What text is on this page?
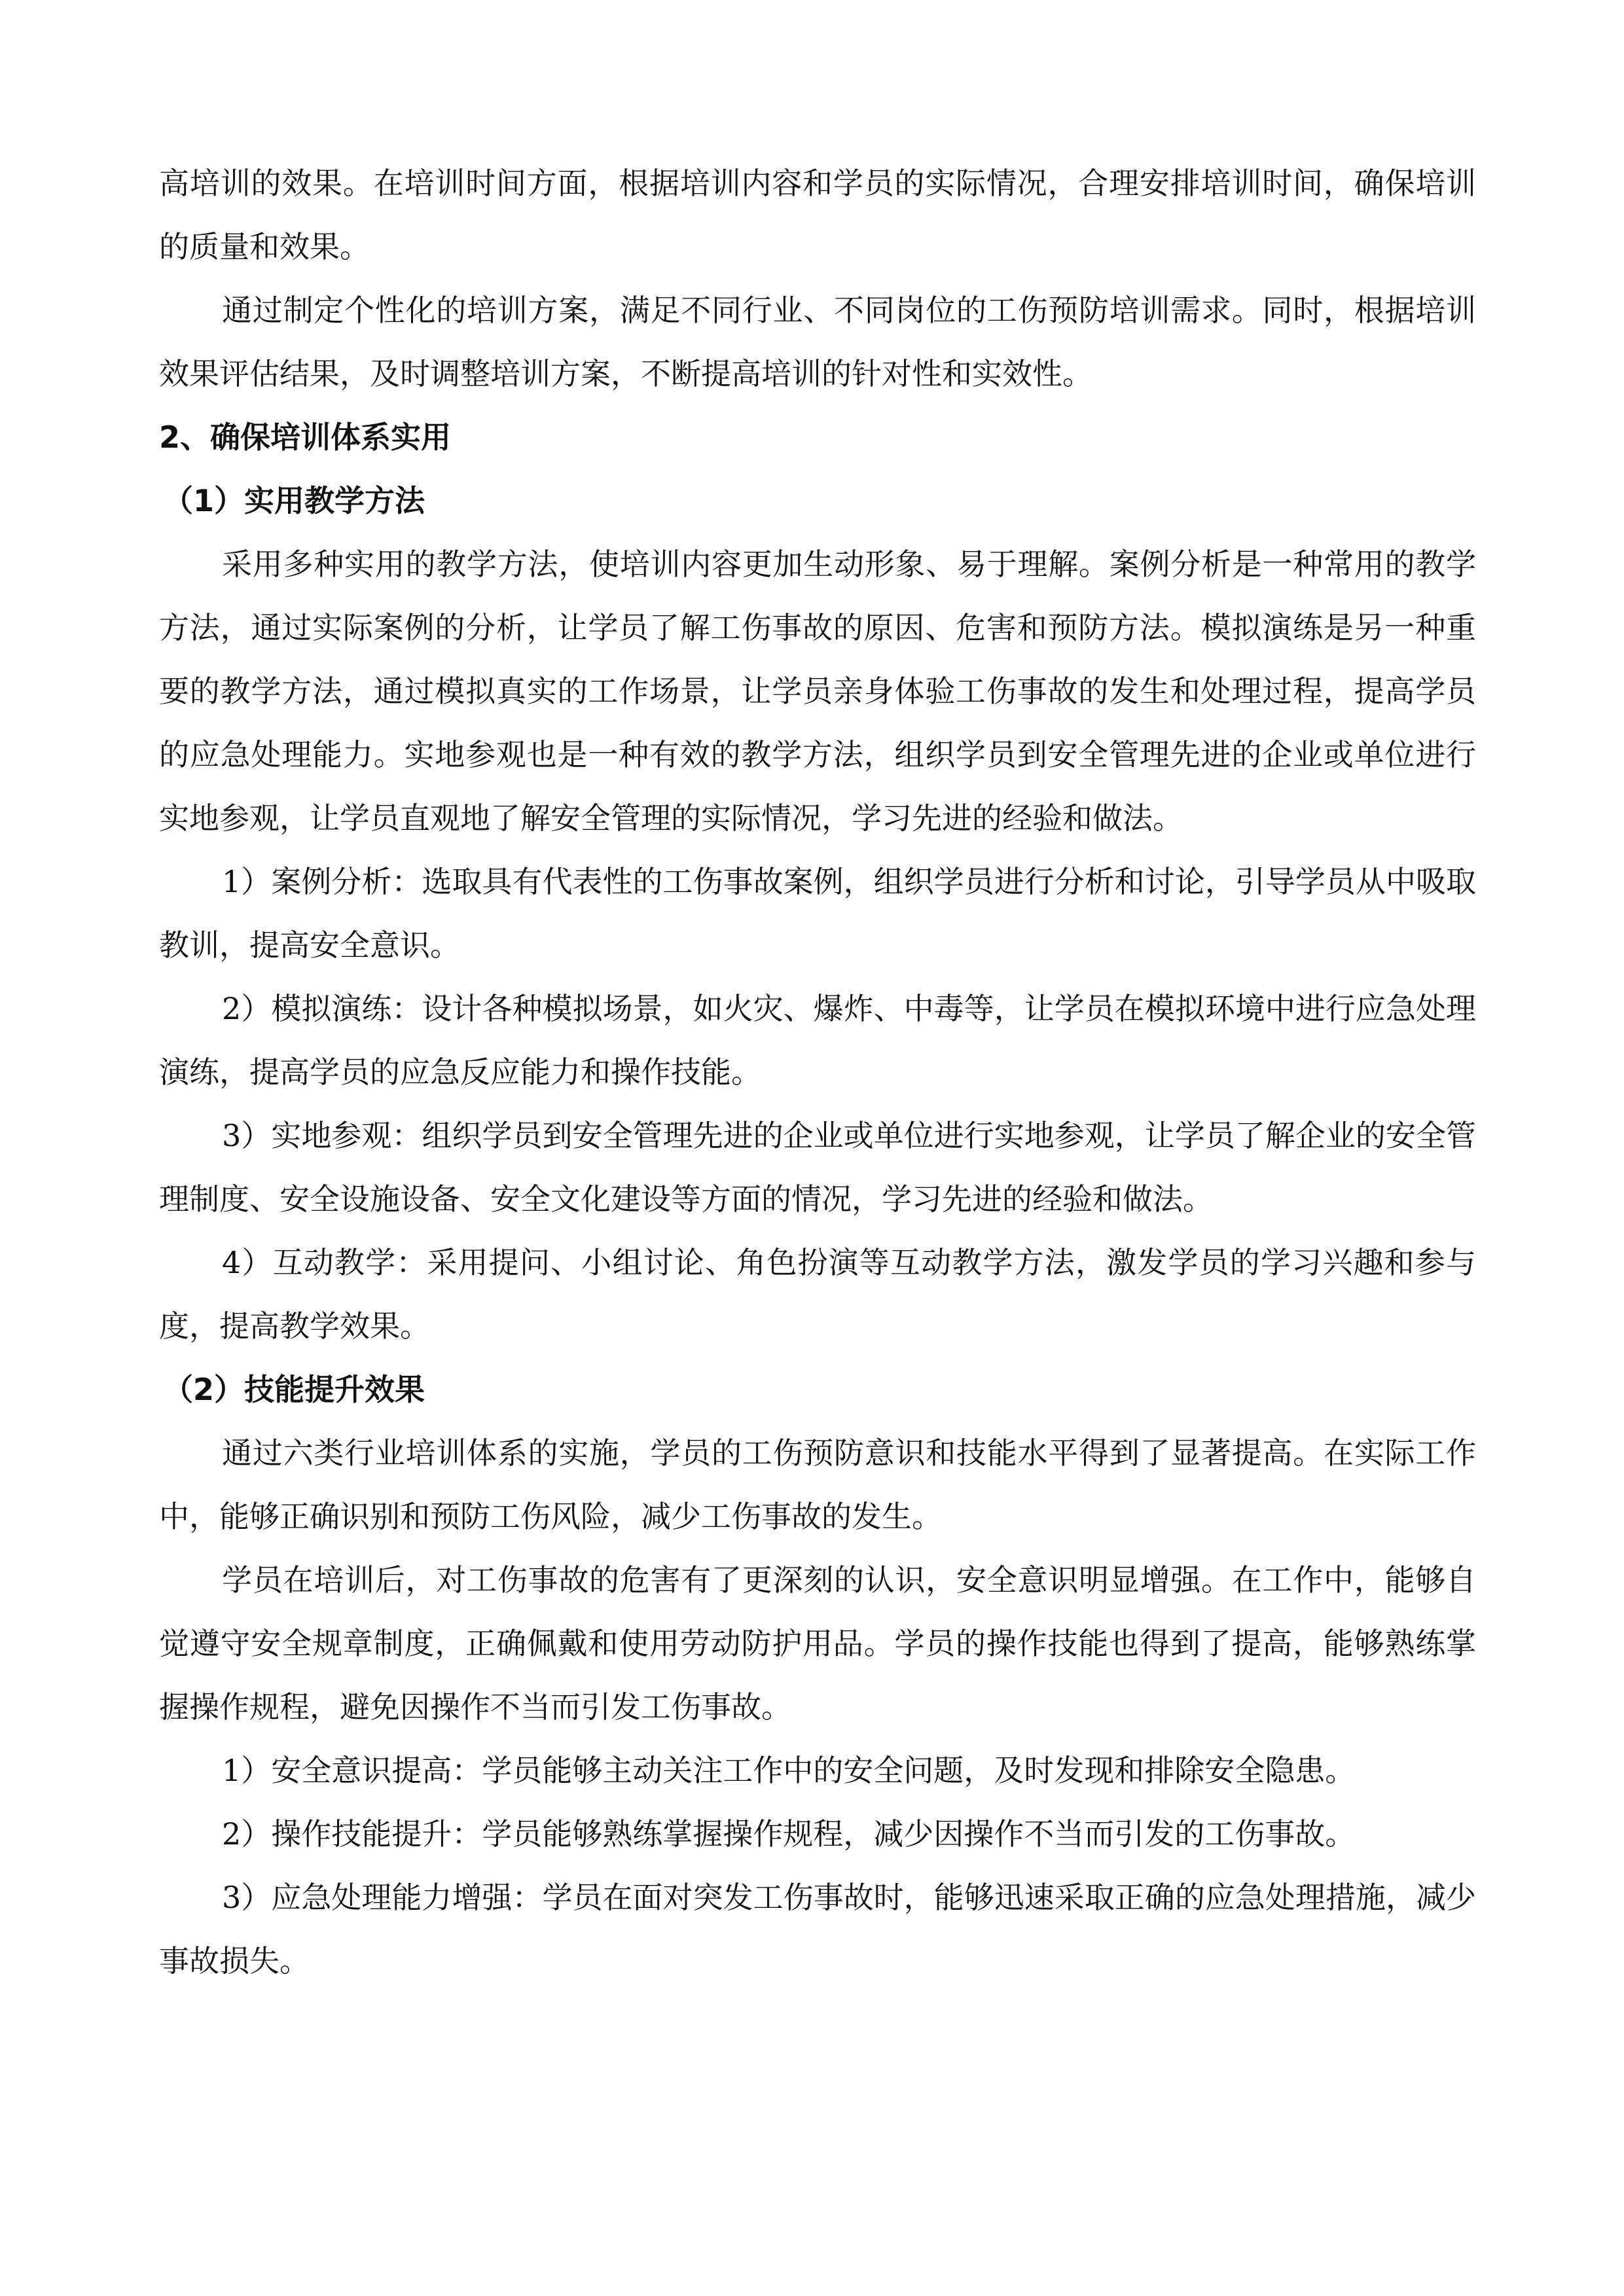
高培训的效果。在培训时间方面，根据培训内容和学员的实际情况，合理安排培训时间，确保培训的质量和效果。

通过制定个性化的培训方案，满足不同行业、不同岗位的工伤预防培训需求。同时，根据培训效果评估结果，及时调整培训方案，不断提高培训的针对性和实效性。

2、确保培训体系实用
（1）实用教学方法

采用多种实用的教学方法，使培训内容更加生动形象、易于理解。案例分析是一种常用的教学方法，通过实际案例的分析，让学员了解工伤事故的原因、危害和预防方法。模拟演练是另一种重要的教学方法，通过模拟真实的工作场景，让学员亲身体验工伤事故的发生和处理过程，提高学员的应急处理能力。实地参观也是一种有效的教学方法，组织学员到安全管理先进的企业或单位进行实地参观，让学员直观地了解安全管理的实际情况，学习先进的经验和做法。

1）案例分析：选取具有代表性的工伤事故案例，组织学员进行分析和讨论，引导学员从中吸取教训，提高安全意识。

2）模拟演练：设计各种模拟场景，如火灾、爆炸、中毒等，让学员在模拟环境中进行应急处理演练，提高学员的应急反应能力和操作技能。

3）实地参观：组织学员到安全管理先进的企业或单位进行实地参观，让学员了解企业的安全管理制度、安全设施设备、安全文化建设等方面的情况，学习先进的经验和做法。

4）互动教学：采用提问、小组讨论、角色扮演等互动教学方法，激发学员的学习兴趣和参与度，提高教学效果。

（2）技能提升效果

通过六类行业培训体系的实施，学员的工伤预防意识和技能水平得到了显著提高。在实际工作中，能够正确识别和预防工伤风险，减少工伤事故的发生。

学员在培训后，对工伤事故的危害有了更深刻的认识，安全意识明显增强。在工作中，能够自觉遵守安全规章制度，正确佩戴和使用劳动防护用品。学员的操作技能也得到了提高，能够熟练掌握操作规程，避免因操作不当而引发工伤事故。

1）安全意识提高：学员能够主动关注工作中的安全问题，及时发现和排除安全隐患。

2）操作技能提升：学员能够熟练掌握操作规程，减少因操作不当而引发的工伤事故。

3）应急处理能力增强：学员在面对突发工伤事故时，能够迅速采取正确的应急处理措施，减少事故损失。
